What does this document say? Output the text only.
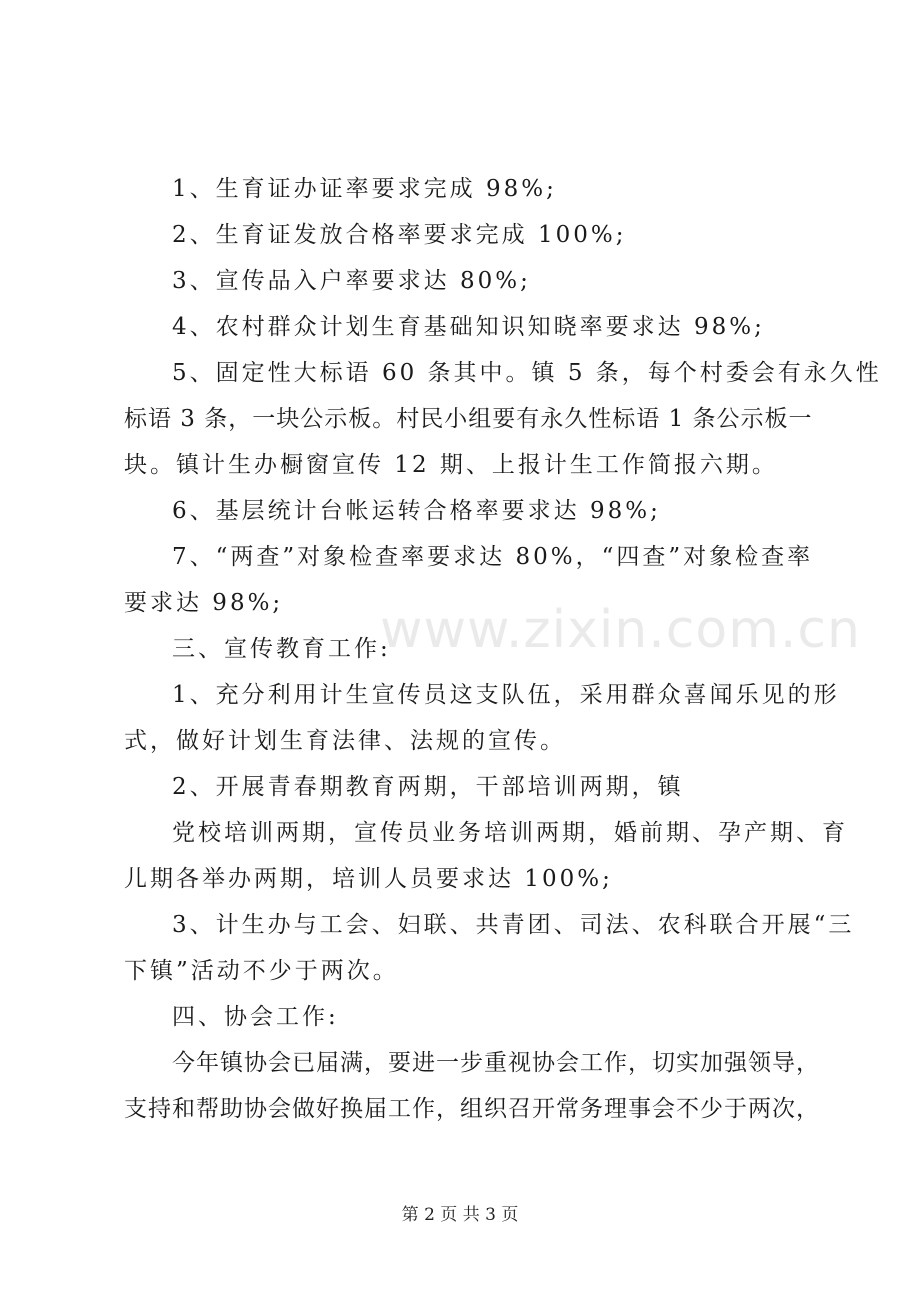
1、生育证办证率要求完成 98%;
2、生育证发放合格率要求完成 100%;
3、宣传品入户率要求达 80%;
4、农村群众计划生育基础知识知晓率要求达 98%;
5、固定性大标语 60 条其中。镇 5 条，每个村委会有永久性
标语 3 条，一块公示板。村民小组要有永久性标语 1 条公示板一
块。镇计生办橱窗宣传 12 期、上报计生工作简报六期。
6、基层统计台帐运转合格率要求达 98%;
7、“两查”对象检查率要求达 80%，“四查”对象检查率
要求达 98%;
三、宣传教育工作:
1、充分利用计生宣传员这支队伍，采用群众喜闻乐见的形
式，做好计划生育法律、法规的宣传。
2、开展青春期教育两期，干部培训两期，镇
党校培训两期，宣传员业务培训两期，婚前期、孕产期、育
儿期各举办两期，培训人员要求达 100%;
3、计生办与工会、妇联、共青团、司法、农科联合开展“三
下镇”活动不少于两次。
四、协会工作:
今年镇协会已届满，要进一步重视协会工作，切实加强领导，
支持和帮助协会做好换届工作，组织召开常务理事会不少于两次，
www.zixin.com.cn
第 2 页 共 3 页
